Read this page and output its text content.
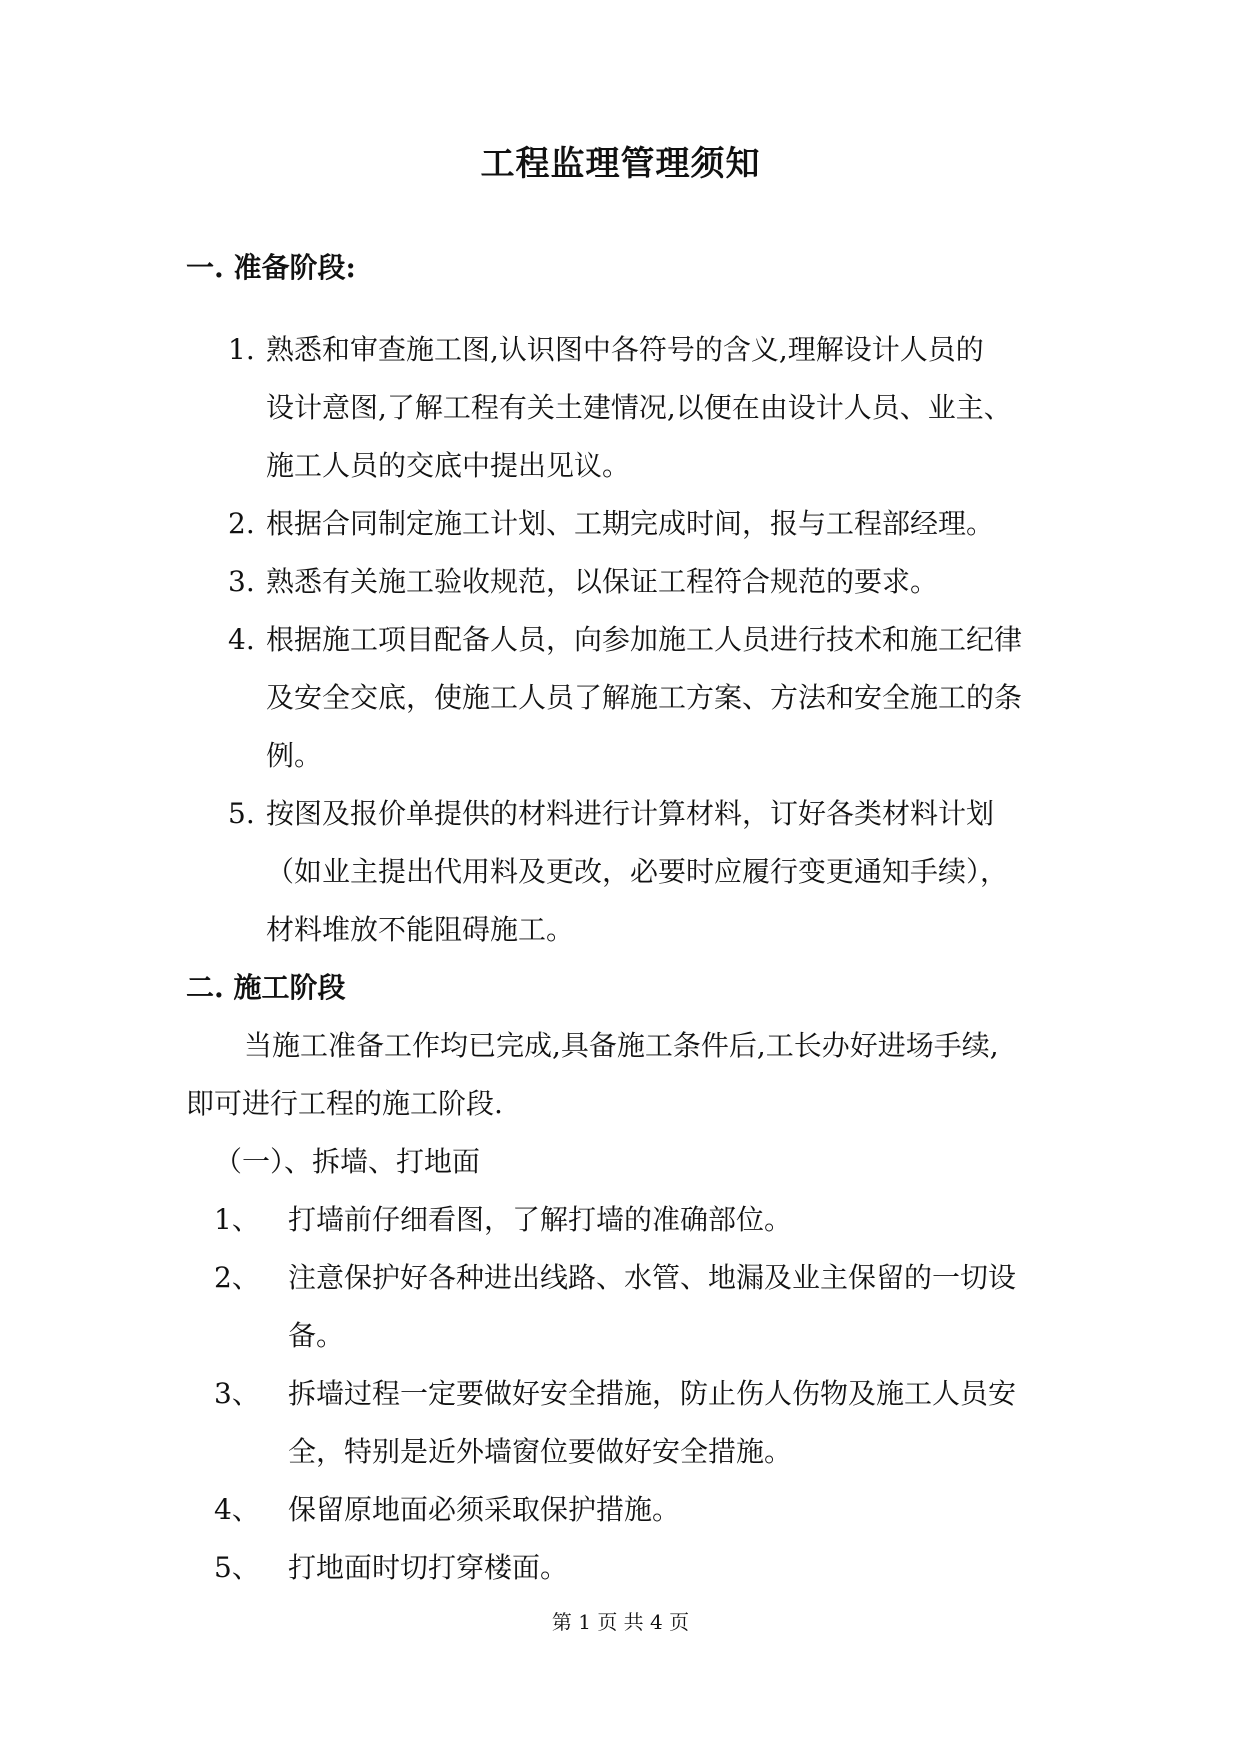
工程监理管理须知
一. 准备阶段:
1. 熟悉和审查施工图,认识图中各符号的含义,理解设计人员的
设计意图,了解工程有关土建情况,以便在由设计人员、业主、
施工人员的交底中提出见议。
2. 根据合同制定施工计划、工期完成时间，报与工程部经理。
3. 熟悉有关施工验收规范，以保证工程符合规范的要求。
4. 根据施工项目配备人员，向参加施工人员进行技术和施工纪律
及安全交底，使施工人员了解施工方案、方法和安全施工的条
例。
5. 按图及报价单提供的材料进行计算材料，订好各类材料计划
（如业主提出代用料及更改，必要时应履行变更通知手续），
材料堆放不能阻碍施工。
二. 施工阶段
当施工准备工作均已完成,具备施工条件后,工长办好进场手续,
即可进行工程的施工阶段.
（一）、拆墙、打地面
1、 打墙前仔细看图，了解打墙的准确部位。
2、 注意保护好各种进出线路、水管、地漏及业主保留的一切设
备。
3、 拆墙过程一定要做好安全措施，防止伤人伤物及施工人员安
全，特别是近外墙窗位要做好安全措施。
4、 保留原地面必须采取保护措施。
5、 打地面时切打穿楼面。
第 1 页 共 4 页
